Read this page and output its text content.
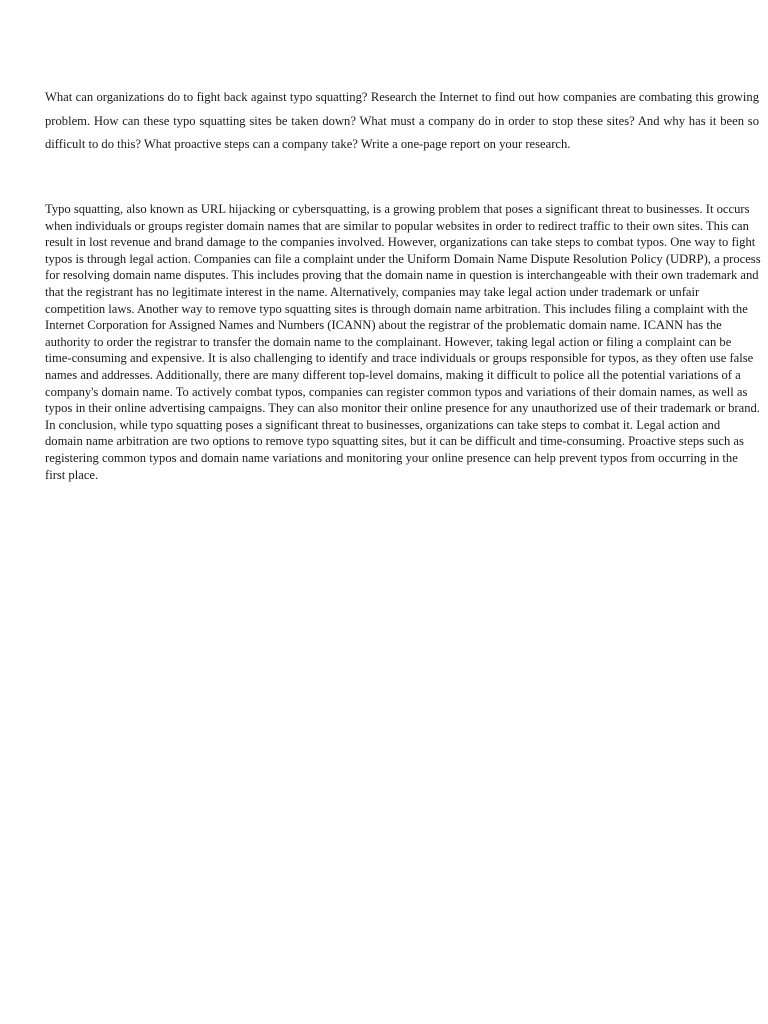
What can organizations do to fight back against typo squatting? Research the Internet to find out how companies are combating this growing problem. How can these typo squatting sites be taken down? What must a company do in order to stop these sites? And why has it been so difficult to do this? What proactive steps can a company take? Write a one-page report on your research.

Typo squatting, also known as URL hijacking or cybersquatting, is a growing problem that poses a significant threat to businesses. It occurs when individuals or groups register domain names that are similar to popular websites in order to redirect traffic to their own sites. This can result in lost revenue and brand damage to the companies involved. However, organizations can take steps to combat typos. One way to fight typos is through legal action. Companies can file a complaint under the Uniform Domain Name Dispute Resolution Policy (UDRP), a process for resolving domain name disputes. This includes proving that the domain name in question is interchangeable with their own trademark and that the registrant has no legitimate interest in the name. Alternatively, companies may take legal action under trademark or unfair competition laws. Another way to remove typo squatting sites is through domain name arbitration. This includes filing a complaint with the Internet Corporation for Assigned Names and Numbers (ICANN) about the registrar of the problematic domain name. ICANN has the authority to order the registrar to transfer the domain name to the complainant. However, taking legal action or filing a complaint can be time-consuming and expensive. It is also challenging to identify and trace individuals or groups responsible for typos, as they often use false names and addresses. Additionally, there are many different top-level domains, making it difficult to police all the potential variations of a company's domain name. To actively combat typos, companies can register common typos and variations of their domain names, as well as typos in their online advertising campaigns. They can also monitor their online presence for any unauthorized use of their trademark or brand. In conclusion, while typo squatting poses a significant threat to businesses, organizations can take steps to combat it. Legal action and domain name arbitration are two options to remove typo squatting sites, but it can be difficult and time-consuming. Proactive steps such as registering common typos and domain name variations and monitoring your online presence can help prevent typos from occurring in the first place.
